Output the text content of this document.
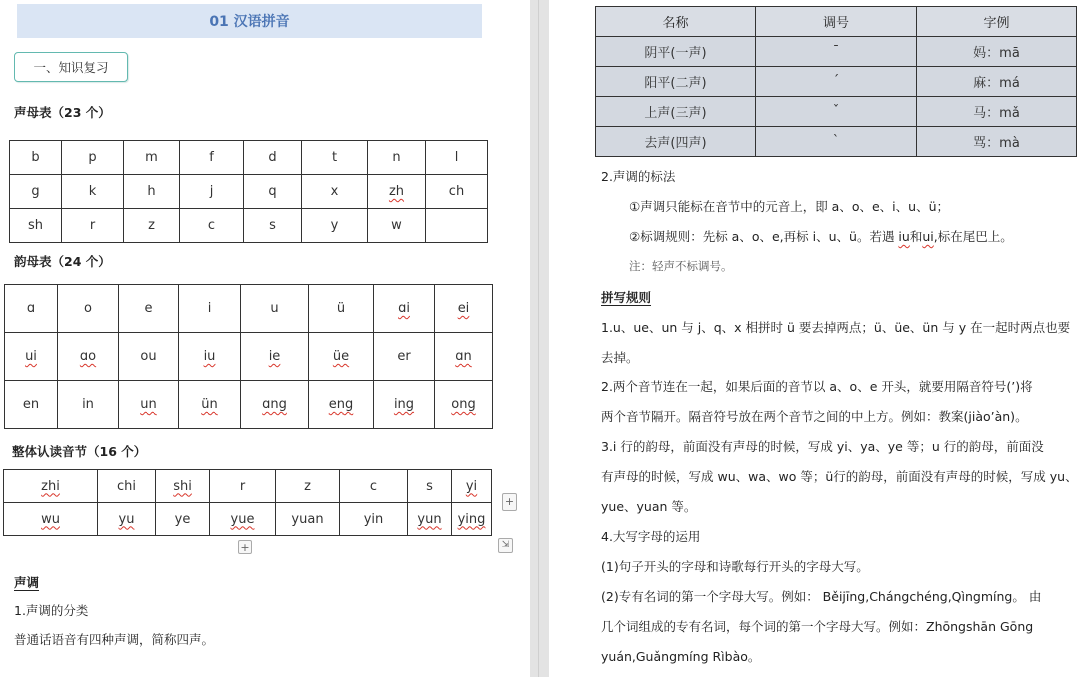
01 汉语拼音
一、知识复习
声母表（23 个）
b	p	m	f	d	t	n	l
g	k	h	j	q	x	zh	ch
sh	r	z	c	s	y	w	
韵母表（24 个）
ɑ	o	e	i	u	ü	ɑi	ei
ui	ɑo	ou	iu	ie	üe	er	ɑn
en	in	un	ün	ɑng	eng	ing	ong
整体认读音节（16 个）
zhi	chi	shi	r	z	c	s	yi
wu	yu	ye	yue	yuan	yin	yun	ying
+
+	⇲
声调
1.声调的分类
普通话语音有四种声调，简称四声。
名称	调号	字例
阴平(一声)	ˉ	妈：mā
阳平(二声)	ˊ	麻：má
上声(三声)	ˇ	马：mǎ
去声(四声)	ˋ	骂：mà
2.声调的标法
①声调只能标在音节中的元音上，即 a、o、e、i、u、ü；
②标调规则：先标 a、o、e,再标 i、u、ü。若遇 iu和ui,标在尾巴上。
注：轻声不标调号。
拼写规则
1.u、ue、un 与 j、q、x 相拼时 ü 要去掉两点；ü、üe、ün 与 y 在一起时两点也要
去掉。
2.两个音节连在一起，如果后面的音节以 a、o、e 开头，就要用隔音符号(’)将
两个音节隔开。隔音符号放在两个音节之间的中上方。例如：教案(jiào’àn)。
3.i 行的韵母，前面没有声母的时候，写成 yi、ya、ye 等；u 行的韵母，前面没
有声母的时候，写成 wu、wa、wo 等；ü行的韵母，前面没有声母的时候，写成 yu、
yue、yuan 等。
4.大写字母的运用
(1)句子开头的字母和诗歌每行开头的字母大写。
(2)专有名词的第一个字母大写。例如： Běijīng,Chángchéng,Qìngmíng。 由
几个词组成的专有名词，每个词的第一个字母大写。例如：Zhōngshān Gōng
yuán,Guǎngmíng Rìbào。
